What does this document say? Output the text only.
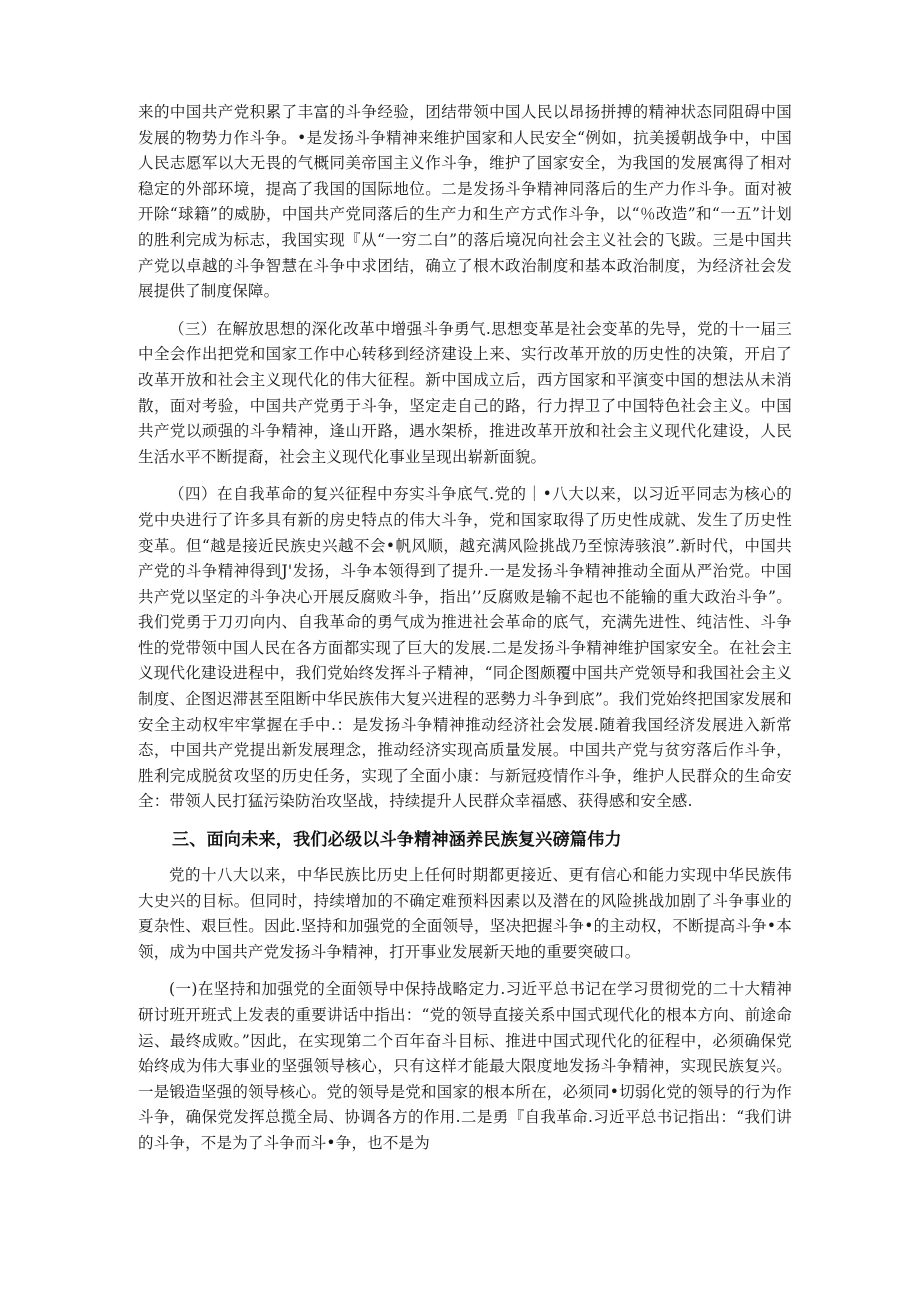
来的中国共产党积累了丰富的斗争经验，团结带领中国人民以昂扬拼搏的精神状态同阻碍中国发展的物势力作斗争。•是发扬斗争精神来维护国家和人民安全“例如，抗美援朝战争中，中国人民志愿军以大无畏的气概同美帝国主义作斗争，维护了国家安全，为我国的发展寓得了相对稳定的外部环境，提高了我国的国际地位。二是发扬斗争精神同落后的生产力作斗争。面对被开除“球籍”的威胁，中国共产党同落后的生产力和生产方式作斗争，以“％改造”和“一五”计划的胜利完成为标志，我国实现『从“一穷二白”的落后境况向社会主义社会的飞跋。三是中国共产党以卓越的斗争智慧在斗争中求团结，确立了根木政治制度和基本政治制度，为经济社会发展提供了制度保障。

（三）在解放思想的深化改革中增强斗争勇气.思想变革是社会变革的先导，党的十一届三中全会作出把党和国家工作中心转移到经济建设上来、实行改革开放的历史性的决策，开启了改革开放和社会主义现代化的伟大征程。新中国成立后，西方国家和平演变中国的想法从未消散，面对考验，中国共产党勇于斗争，坚定走自己的路，行力捍卫了中国特色社会主义。中国共产党以顽强的斗争精神，逢山开路，遇水架桥，推进改革开放和社会主义现代化建设，人民生活水平不断提裔，社会主义现代化事业呈现出崭新面貌。

（四）在自我革命的复兴征程中夯实斗争底气.党的｜•八大以来，以习近平同志为核心的党中央进行了许多具有新的房史特点的伟大斗争，党和国家取得了历史性成就、发生了历史性变革。但“越是接近民族史兴越不会•帆风顺，越充满风险挑战乃至惊涛骇浪”.新时代，中国共产党的斗争精神得到J'发扬，斗争本领得到了提升.一是发扬斗争精神推动全面从严治党。中国共产党以坚定的斗争决心开展反腐败斗争，指出’’反腐败是输不起也不能输的重大政治斗争”。我们党勇于刀刃向内、自我革命的勇气成为推进社会革命的底气，充满先进性、纯洁性、斗争性的党带领中国人民在各方面都实现了巨大的发展.二是发扬斗争精神维护国家安全。在社会主义现代化建设进程中，我们党始终发挥斗子精神，“同企图颇覆中国共产党领导和我国社会主义制度、企图迟滞甚至阻断中华民族伟大复兴进程的恶勢力斗争到底”。我们党始终把国家发展和安全主动权牢牢掌握在手中.：是发扬斗争精神推动经济社会发展.随着我国经济发展进入新常态，中国共产党提出新发展理念，推动经济实现高质量发展。中国共产党与贫穷落后作斗争，胜利完成脱贫攻坚的历史任务，实现了全面小康：与新冠疫情作斗争，维护人民群众的生命安全：带领人民打猛污染防治攻坚战，持续提升人民群众幸福感、获得感和安全感.

三、面向未来，我们必级以斗争精神涵养民族复兴磅篇伟力

党的十八大以来，中华民族比历史上任何时期都更接近、更有信心和能力实现中华民族伟大史兴的目标。但同时，持续增加的不确定难预料因素以及潜在的风险挑战加剧了斗争事业的夏杂性、艰巨性。因此.坚持和加强党的全面领导，坚决把握斗争•的主动权，不断提高斗争•本领，成为中国共产党发扬斗争精神，打开事业发展新天地的重要突破口。

(一)在坚持和加强党的全面领导中保持战略定力.习近平总书记在学习贯彻党的二十大精神研讨班开班式上发表的重要讲话中指出：“党的领导直接关系中国式现代化的根本方向、前途命运、最终成败。”因此，在实现第二个百年奋斗目标、推进中国式现代化的征程中，必须确保党始终成为伟大事业的坚强领导核心，只有这样才能最大限度地发扬斗争精神，实现民族复兴。一是锻造坚强的领导核心。党的领导是党和国家的根本所在，必须同•切弱化党的领导的行为作斗争，确保党发挥总揽全局、协调各方的作用.二是勇『自我革命.习近平总书记指出：“我们讲的斗争，不是为了斗争而斗•争，也不是为
